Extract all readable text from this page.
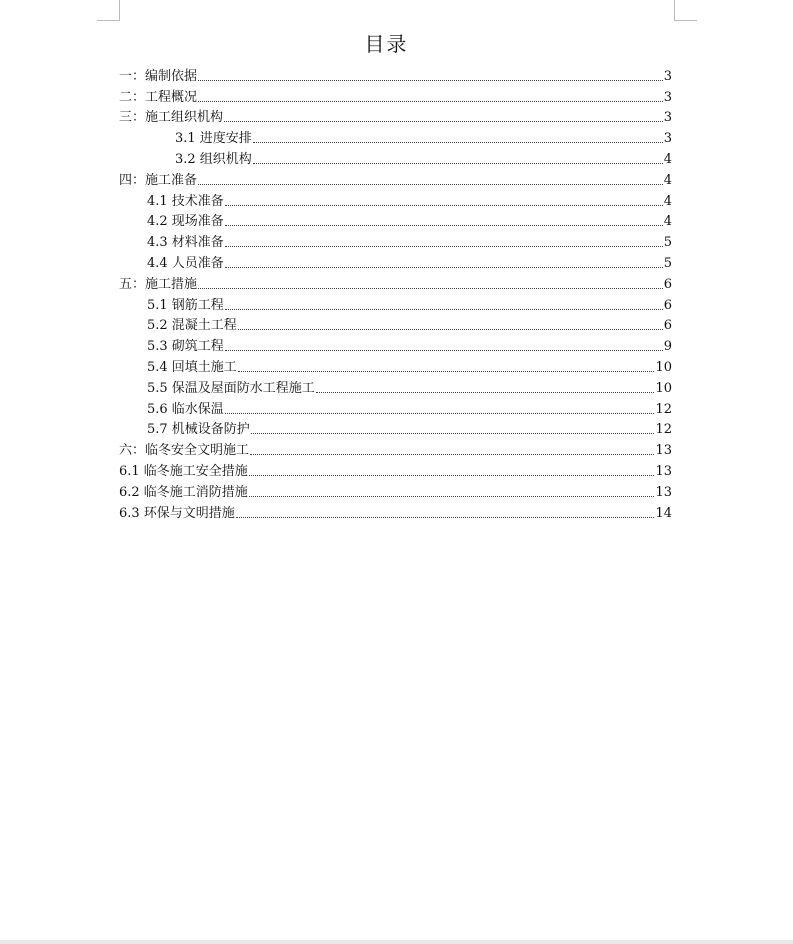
目录
一：编制依据	3
二：工程概况	3
三：施工组织机构	3
3.1 进度安排	3
3.2 组织机构	4
四：施工准备	4
4.1 技术准备	4
4.2 现场准备	4
4.3 材料准备	5
4.4 人员准备	5
五：施工措施	6
5.1 钢筋工程	6
5.2 混凝土工程	6
5.3 砌筑工程	9
5.4 回填土施工	10
5.5 保温及屋面防水工程施工	10
5.6 临水保温	12
5.7 机械设备防护	12
六：临冬安全文明施工	13
6.1 临冬施工安全措施	13
6.2 临冬施工消防措施	13
6.3 环保与文明措施	14
